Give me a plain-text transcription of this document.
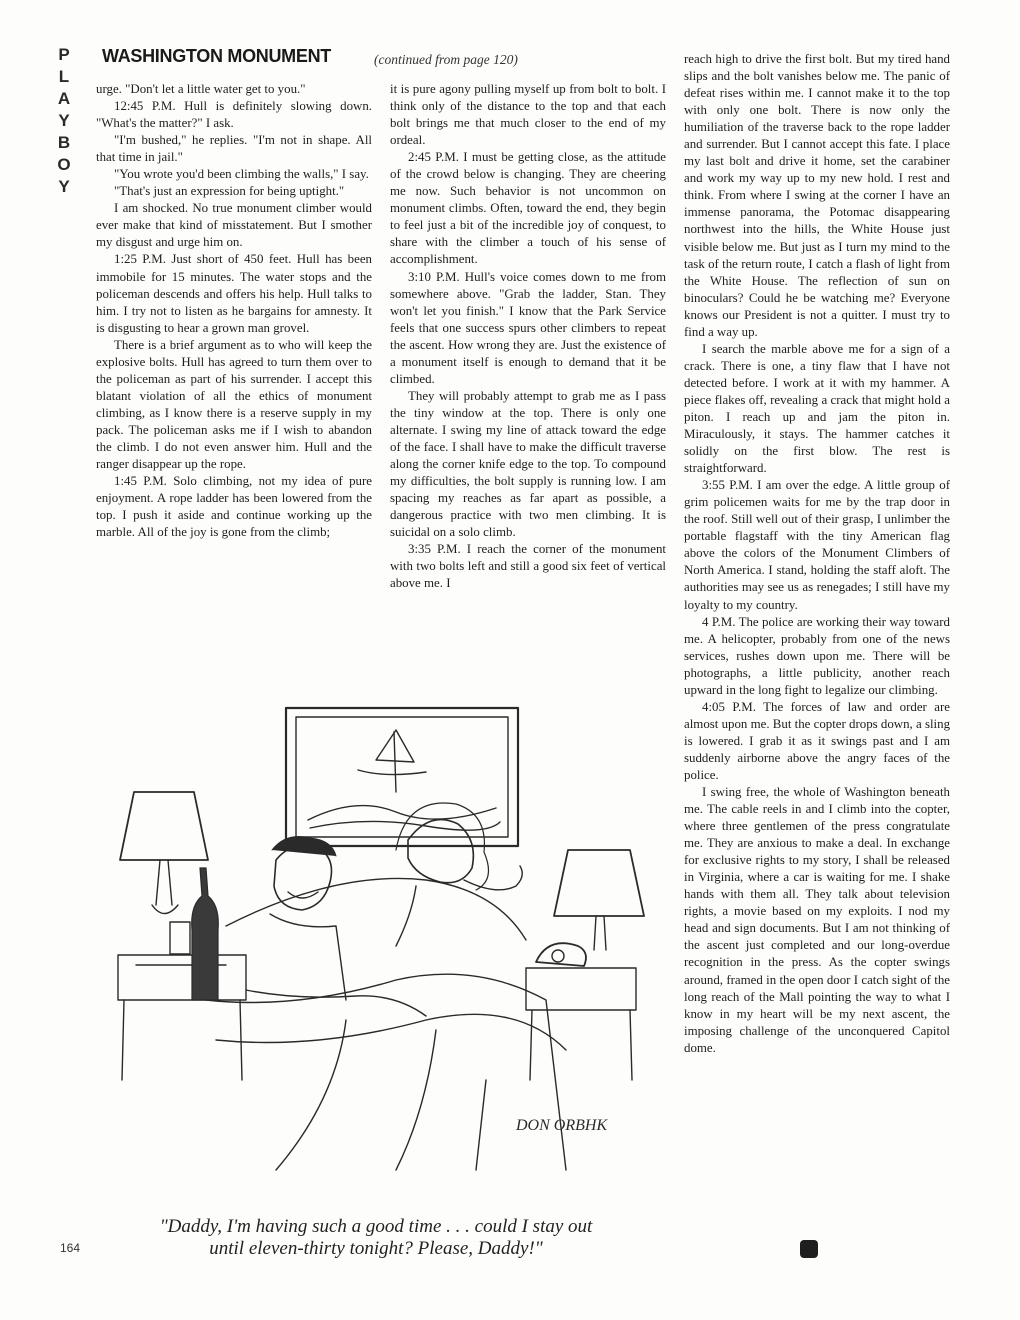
P
L
A
Y
B
O
Y
WASHINGTON MONUMENT	(continued from page 120)

urge. "Don't let a little water get to you."

12:45 P.M. Hull is definitely slowing down. "What's the matter?" I ask.

"I'm bushed," he replies. "I'm not in shape. All that time in jail."

"You wrote you'd been climbing the walls," I say.

"That's just an expression for being uptight."

I am shocked. No true monument climber would ever make that kind of misstatement. But I smother my disgust and urge him on.

1:25 P.M. Just short of 450 feet. Hull has been immobile for 15 minutes. The water stops and the policeman descends and offers his help. Hull talks to him. I try not to listen as he bargains for amnesty. It is disgusting to hear a grown man grovel.

There is a brief argument as to who will keep the explosive bolts. Hull has agreed to turn them over to the policeman as part of his surrender. I accept this blatant violation of all the ethics of monument climbing, as I know there is a reserve supply in my pack. The policeman asks me if I wish to abandon the climb. I do not even answer him. Hull and the ranger disappear up the rope.

1:45 P.M. Solo climbing, not my idea of pure enjoyment. A rope ladder has been lowered from the top. I push it aside and continue working up the marble. All of the joy is gone from the climb;

it is pure agony pulling myself up from bolt to bolt. I think only of the distance to the top and that each bolt brings me that much closer to the end of my ordeal.

2:45 P.M. I must be getting close, as the attitude of the crowd below is changing. They are cheering me now. Such behavior is not uncommon on monument climbs. Often, toward the end, they begin to feel just a bit of the incredible joy of conquest, to share with the climber a touch of his sense of accomplishment.

3:10 P.M. Hull's voice comes down to me from somewhere above. "Grab the ladder, Stan. They won't let you finish." I know that the Park Service feels that one success spurs other climbers to repeat the ascent. How wrong they are. Just the existence of a monument itself is enough to demand that it be climbed.

They will probably attempt to grab me as I pass the tiny window at the top. There is only one alternate. I swing my line of attack toward the edge of the face. I shall have to make the difficult traverse along the corner knife edge to the top. To compound my difficulties, the bolt supply is running low. I am spacing my reaches as far apart as possible, a dangerous practice with two men climbing. It is suicidal on a solo climb.

3:35 P.M. I reach the corner of the monument with two bolts left and still a good six feet of vertical above me. I

reach high to drive the first bolt. But my tired hand slips and the bolt vanishes below me. The panic of defeat rises within me. I cannot make it to the top with only one bolt. There is now only the humiliation of the traverse back to the rope ladder and surrender. But I cannot accept this fate. I place my last bolt and drive it home, set the carabiner and work my way up to my new hold. I rest and think. From where I swing at the corner I have an immense panorama, the Potomac disappearing northwest into the hills, the White House just visible below me. But just as I turn my mind to the task of the return route, I catch a flash of light from the White House. The reflection of sun on binoculars? Could he be watching me? Everyone knows our President is not a quitter. I must try to find a way up.

I search the marble above me for a sign of a crack. There is one, a tiny flaw that I have not detected before. I work at it with my hammer. A piece flakes off, revealing a crack that might hold a piton. I reach up and jam the piton in. Miraculously, it stays. The hammer catches it solidly on the first blow. The rest is straightforward.

3:55 P.M. I am over the edge. A little group of grim policemen waits for me by the trap door in the roof. Still well out of their grasp, I unlimber the portable flagstaff with the tiny American flag above the colors of the Monument Climbers of North America. I stand, holding the staff aloft. The authorities may see us as renegades; I still have my loyalty to my country.

4 P.M. The police are working their way toward me. A helicopter, probably from one of the news services, rushes down upon me. There will be photographs, a little publicity, another reach upward in the long fight to legalize our climbing.

4:05 P.M. The forces of law and order are almost upon me. But the copter drops down, a sling is lowered. I grab it as it swings past and I am suddenly airborne above the angry faces of the police.

I swing free, the whole of Washington beneath me. The cable reels in and I climb into the copter, where three gentlemen of the press congratulate me. They are anxious to make a deal. In exchange for exclusive rights to my story, I shall be released in Virginia, where a car is waiting for me. I shake hands with them all. They talk about television rights, a movie based on my exploits. I nod my head and sign documents. But I am not thinking of the ascent just completed and our long-overdue recognition in the press. As the copter swings around, framed in the open door I catch sight of the long reach of the Mall pointing the way to what I know in my heart will be my next ascent, the imposing challenge of the unconquered Capitol dome.

DON ORBHK
"Daddy, I'm having such a good time . . . could I stay out
until eleven-thirty tonight? Please, Daddy!"
164
